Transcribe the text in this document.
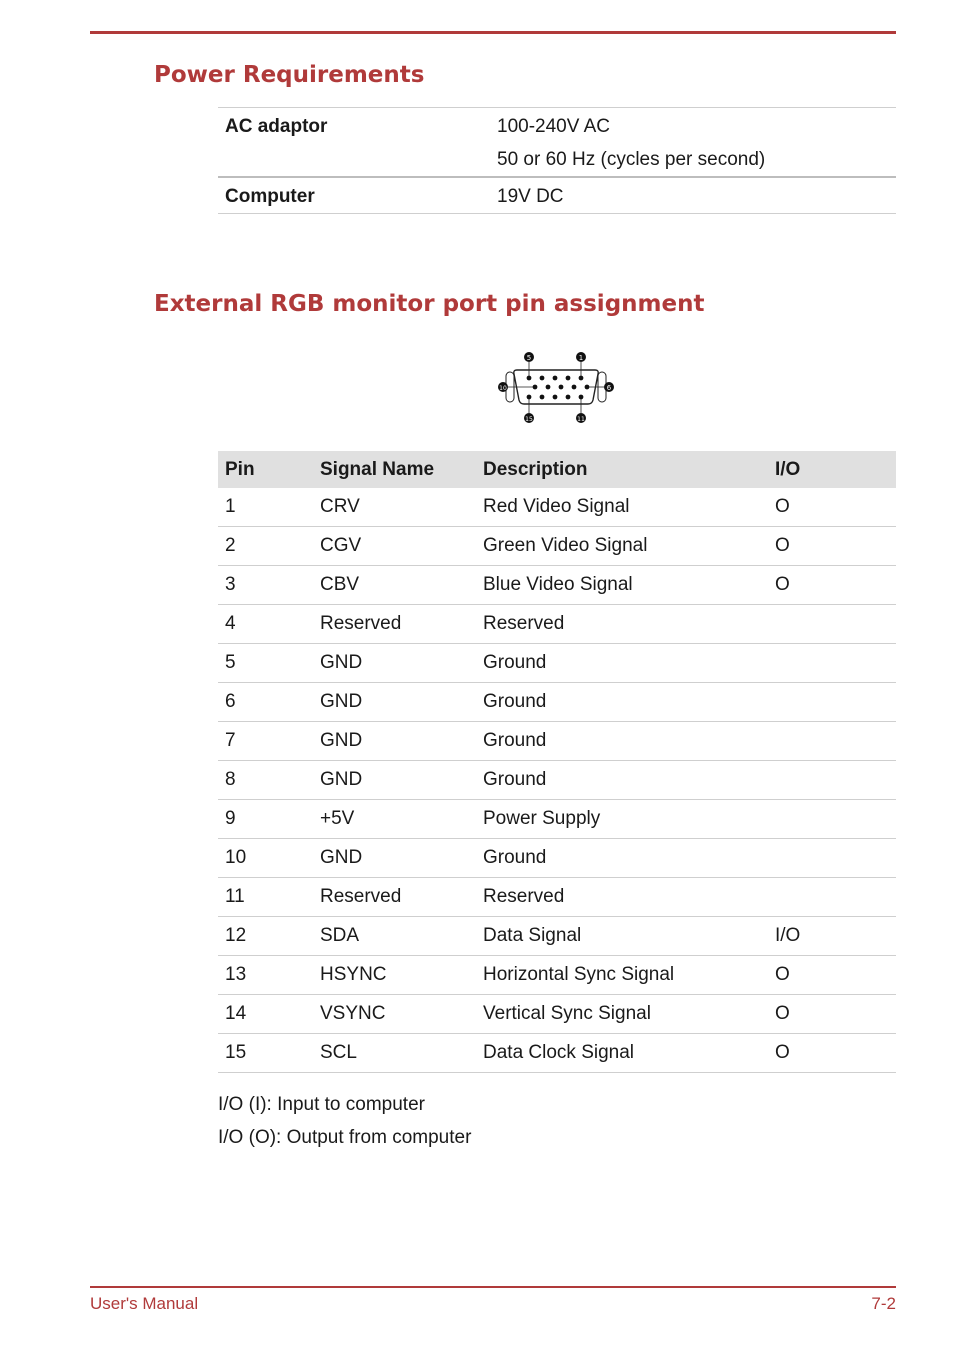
Power Requirements
AC adaptor	100-240V AC
50 or 60 Hz (cycles per second)
Computer	19V DC
External RGB monitor port pin assignment
5	1
10	6
15	11
Pin	Signal Name	Description	I/O
1	CRV	Red Video Signal	O
2	CGV	Green Video Signal	O
3	CBV	Blue Video Signal	O
4	Reserved	Reserved	
5	GND	Ground	
6	GND	Ground	
7	GND	Ground	
8	GND	Ground	
9	+5V	Power Supply	
10	GND	Ground	
11	Reserved	Reserved	
12	SDA	Data Signal	I/O
13	HSYNC	Horizontal Sync Signal	O
14	VSYNC	Vertical Sync Signal	O
15	SCL	Data Clock Signal	O
I/O (I): Input to computer
I/O (O): Output from computer
User's Manual	7-2
